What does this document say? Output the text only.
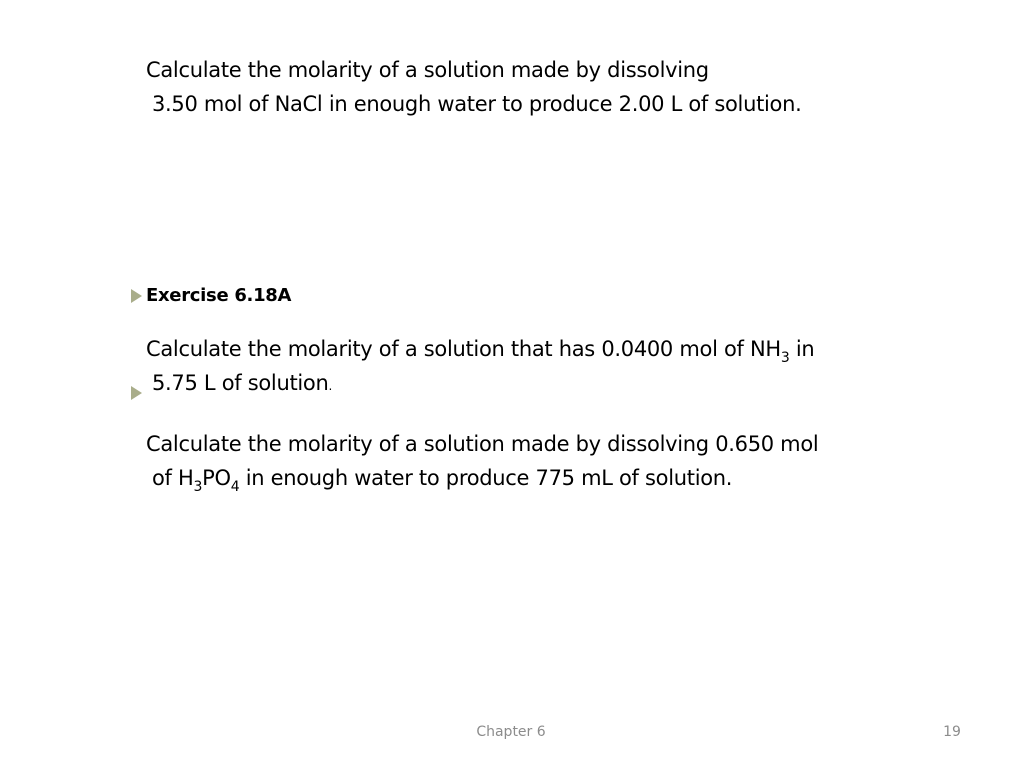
Calculate the molarity of a solution made by dissolving
3.50 mol of NaCl in enough water to produce 2.00 L of solution.
Exercise 6.18A
Calculate the molarity of a solution that has 0.0400 mol of $NH_3$ in
5.75 L of solution.
Calculate the molarity of a solution made by dissolving 0.650 mol
of $H_3PO_4$ in enough water to produce 775 mL of solution.
Chapter 6	19
